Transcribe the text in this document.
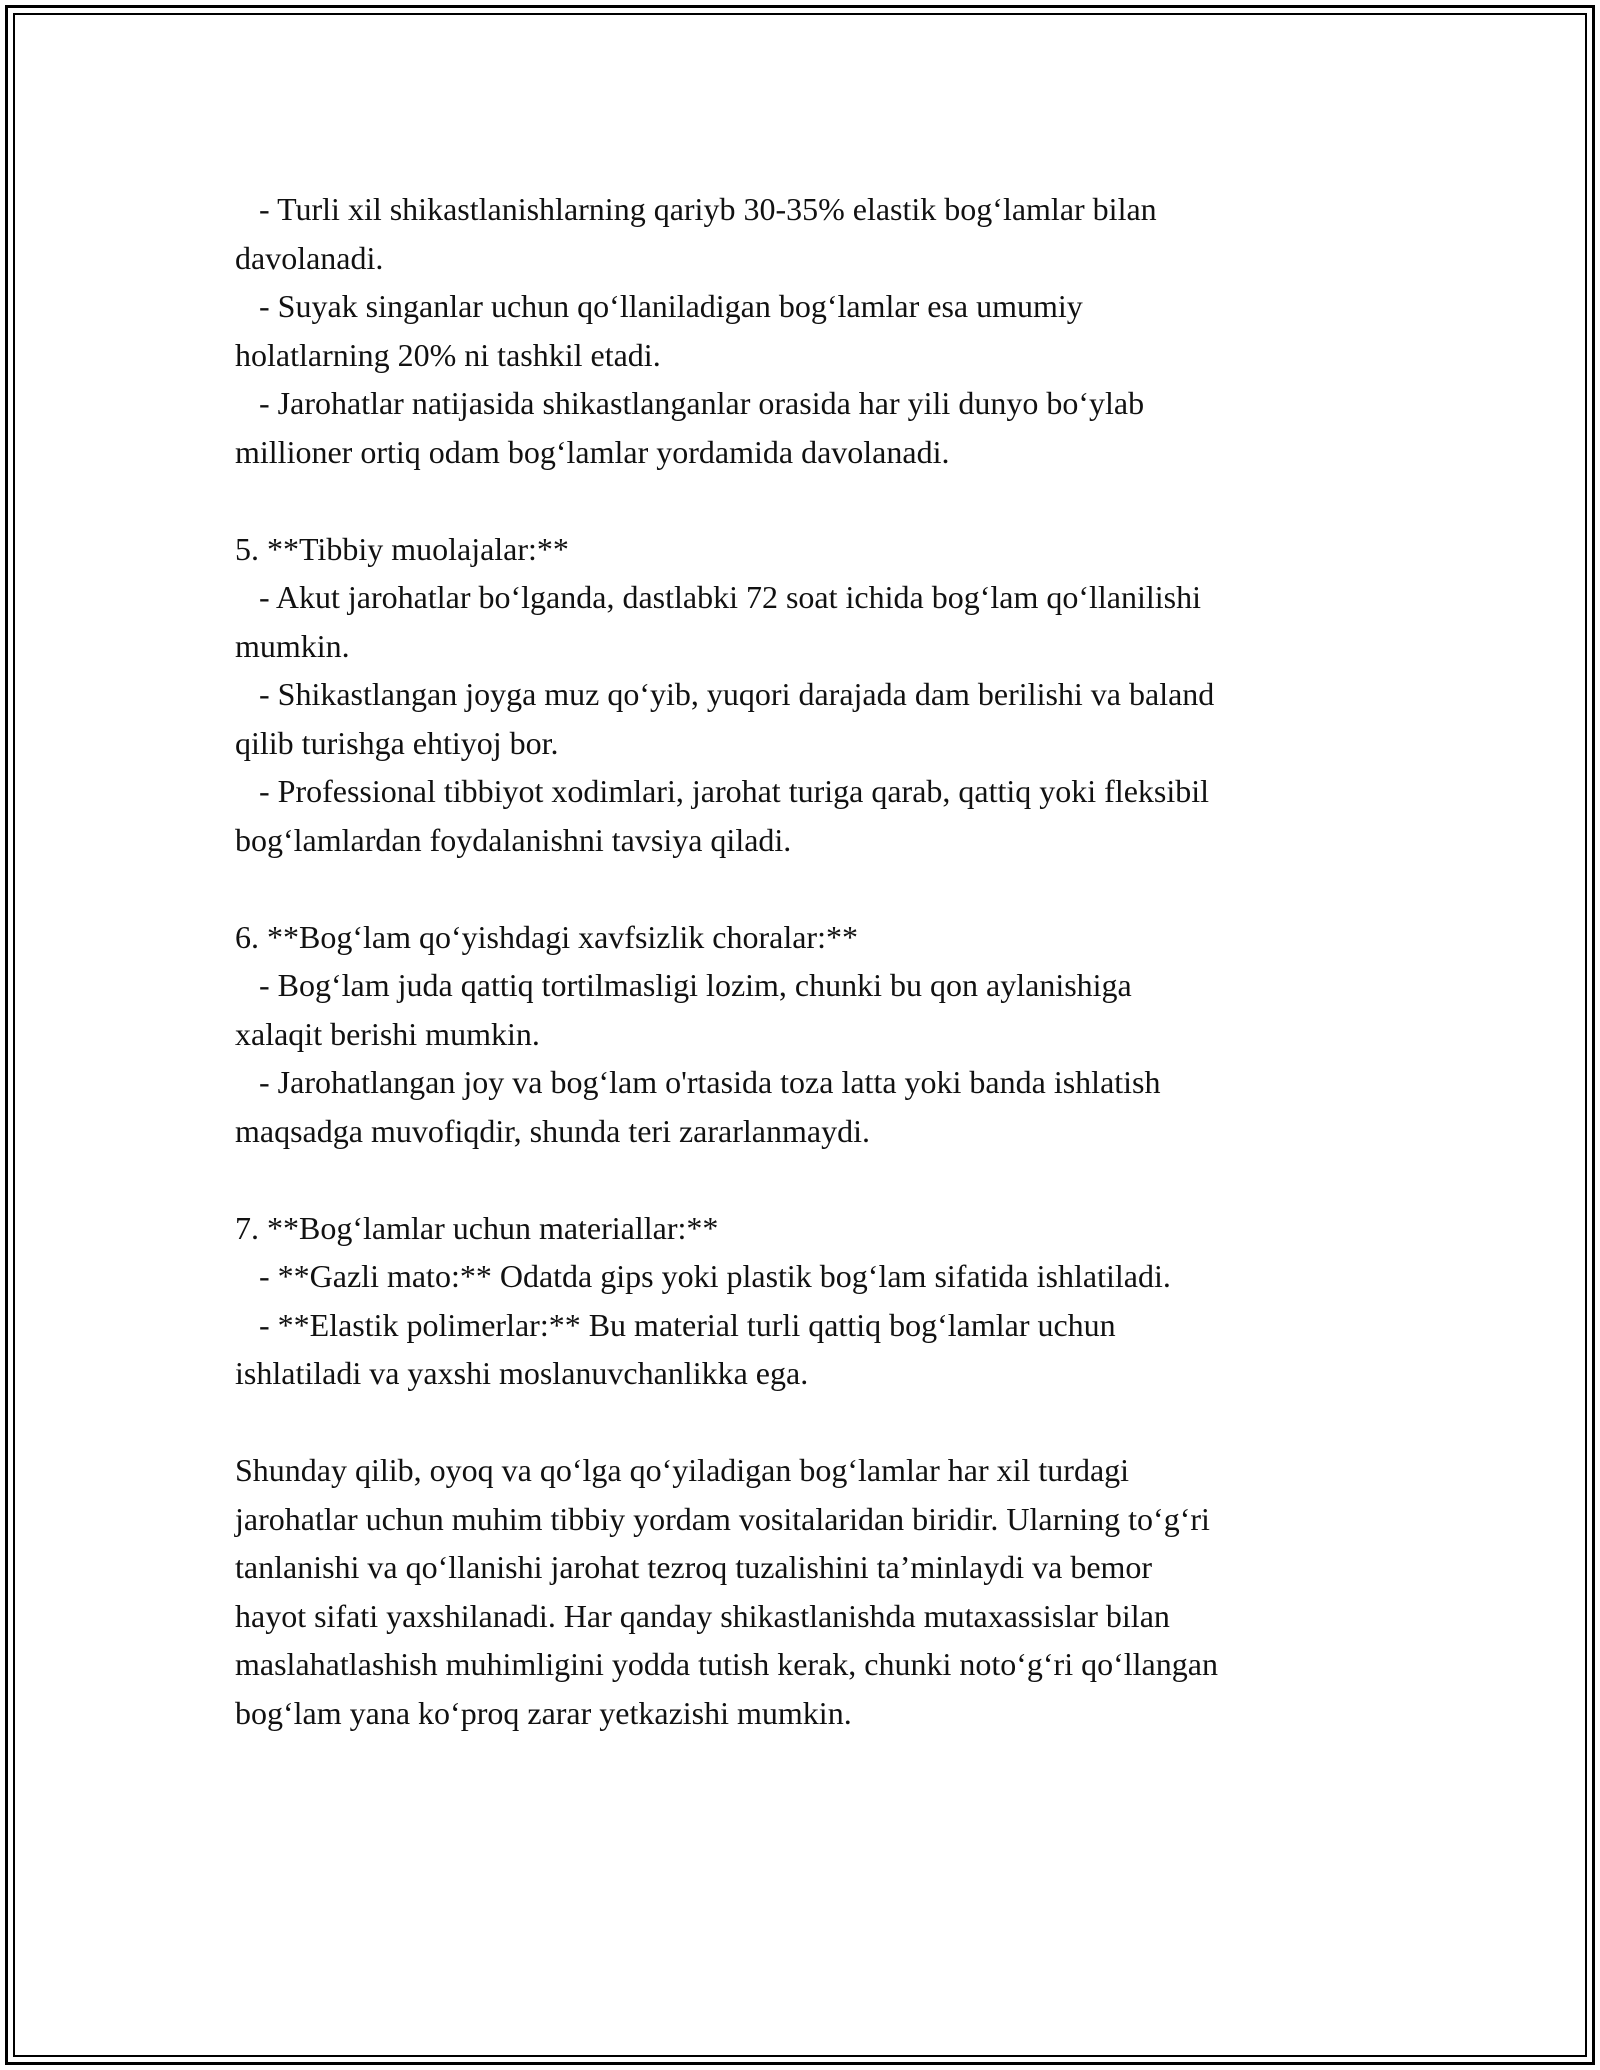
- Turli xil shikastlanishlarning qariyb 30-35% elastik bog‘lamlar bilan
davolanadi.
- Suyak singanlar uchun qo‘llaniladigan bog‘lamlar esa umumiy
holatlarning 20% ni tashkil etadi.
- Jarohatlar natijasida shikastlanganlar orasida har yili dunyo bo‘ylab
millioner ortiq odam bog‘lamlar yordamida davolanadi.
5. **Tibbiy muolajalar:**
- Akut jarohatlar bo‘lganda, dastlabki 72 soat ichida bog‘lam qo‘llanilishi
mumkin.
- Shikastlangan joyga muz qo‘yib, yuqori darajada dam berilishi va baland
qilib turishga ehtiyoj bor.
- Professional tibbiyot xodimlari, jarohat turiga qarab, qattiq yoki fleksibil
bog‘lamlardan foydalanishni tavsiya qiladi.
6. **Bog‘lam qo‘yishdagi xavfsizlik choralar:**
- Bog‘lam juda qattiq tortilmasligi lozim, chunki bu qon aylanishiga
xalaqit berishi mumkin.
- Jarohatlangan joy va bog‘lam o'rtasida toza latta yoki banda ishlatish
maqsadga muvofiqdir, shunda teri zararlanmaydi.
7. **Bog‘lamlar uchun materiallar:**
- **Gazli mato:** Odatda gips yoki plastik bog‘lam sifatida ishlatiladi.
- **Elastik polimerlar:** Bu material turli qattiq bog‘lamlar uchun
ishlatiladi va yaxshi moslanuvchanlikka ega.
Shunday qilib, oyoq va qo‘lga qo‘yiladigan bog‘lamlar har xil turdagi
jarohatlar uchun muhim tibbiy yordam vositalaridan biridir. Ularning to‘g‘ri
tanlanishi va qo‘llanishi jarohat tezroq tuzalishini ta’minlaydi va bemor
hayot sifati yaxshilanadi. Har qanday shikastlanishda mutaxassislar bilan
maslahatlashish muhimligini yodda tutish kerak, chunki noto‘g‘ri qo‘llangan
bog‘lam yana ko‘proq zarar yetkazishi mumkin.
